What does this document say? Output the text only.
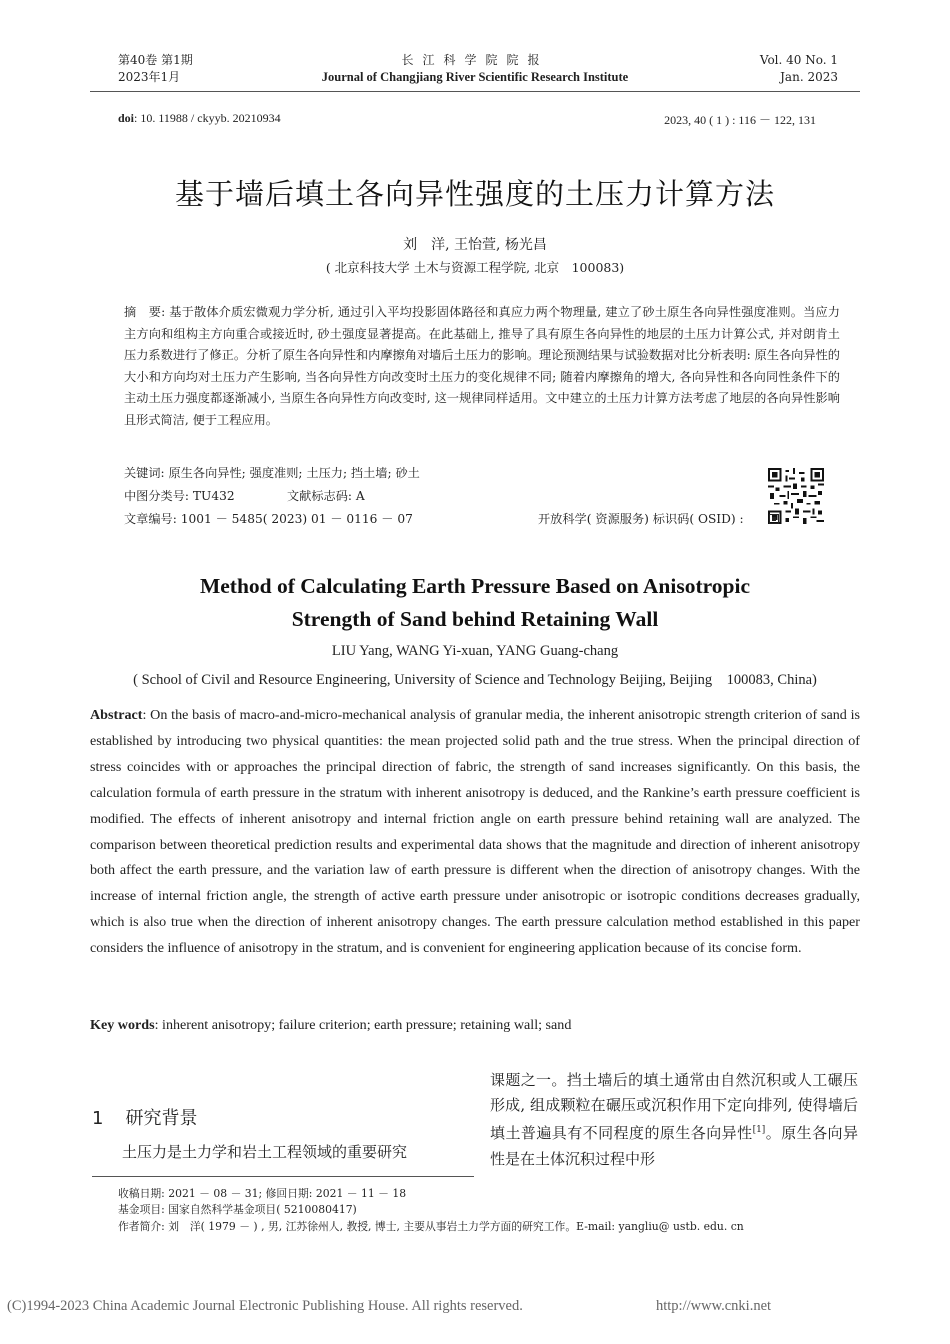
第40卷 第1期
2023年1月
长江科学院院报
Journal of Changjiang River Scientific Research Institute
Vol. 40 No. 1
Jan. 2023
doi: 10. 11988 / ckyyb. 20210934	2023, 40 ( 1 ) : 116 － 122, 131
基于墙后填土各向异性强度的土压力计算方法
刘　洋, 王怡萱, 杨光昌
( 北京科技大学 土木与资源工程学院, 北京　100083)
摘　要: 基于散体介质宏微观力学分析, 通过引入平均投影固体路径和真应力两个物理量, 建立了砂土原生各向异性强度准则。当应力主方向和组构主方向重合或接近时, 砂土强度显著提高。在此基础上, 推导了具有原生各向异性的地层的土压力计算公式, 并对朗肯土压力系数进行了修正。分析了原生各向异性和内摩擦角对墙后土压力的影响。理论预测结果与试验数据对比分析表明: 原生各向异性的大小和方向均对土压力产生影响, 当各向异性方向改变时土压力的变化规律不同; 随着内摩擦角的增大, 各向异性和各向同性条件下的主动土压力强度都逐渐减小, 当原生各向异性方向改变时, 这一规律同样适用。文中建立的土压力计算方法考虑了地层的各向异性影响且形式简洁, 便于工程应用。
关键词: 原生各向异性; 强度准则; 土压力; 挡土墙; 砂土
中图分类号: TU432	文献标志码: A
文章编号: 1001 － 5485( 2023) 01 － 0116 － 07	开放科学( 资源服务) 标识码( OSID) :
Method of Calculating Earth Pressure Based on Anisotropic
Strength of Sand behind Retaining Wall
LIU Yang, WANG Yi-xuan, YANG Guang-chang
( School of Civil and Resource Engineering, University of Science and Technology Beijing, Beijing　100083, China)
Abstract: On the basis of macro-and-micro-mechanical analysis of granular media, the inherent anisotropic strength criterion of sand is established by introducing two physical quantities: the mean projected solid path and the true stress. When the principal direction of stress coincides with or approaches the principal direction of fabric, the strength of sand increases significantly. On this basis, the calculation formula of earth pressure in the stratum with inherent anisotropy is deduced, and the Rankine’s earth pressure coefficient is modified. The effects of inherent anisotropy and internal friction angle on earth pressure behind retaining wall are analyzed. The comparison between theoretical prediction results and experimental data shows that the magnitude and direction of inherent anisotropy both affect the earth pressure, and the variation law of earth pressure is different when the direction of anisotropy changes. With the increase of internal friction angle, the strength of active earth pressure under anisotropic or isotropic conditions decreases gradually, which is also true when the direction of inherent anisotropy changes. The earth pressure calculation method established in this paper considers the influence of anisotropy in the stratum, and is convenient for engineering application because of its concise form.
Key words: inherent anisotropy; failure criterion; earth pressure; retaining wall; sand
1 研究背景
土压力是土力学和岩土工程领域的重要研究
课题之一。挡土墙后的填土通常由自然沉积或人工碾压形成, 组成颗粒在碾压或沉积作用下定向排列, 使得墙后填土普遍具有不同程度的原生各向异性[1]。原生各向异性是在土体沉积过程中形
收稿日期: 2021 － 08 － 31; 修回日期: 2021 － 11 － 18
基金项目: 国家自然科学基金项目( 5210080417)
作者简介: 刘　洋( 1979 － ) , 男, 江苏徐州人, 教授, 博士, 主要从事岩土力学方面的研究工作。E-mail: yangliu@ ustb. edu. cn
(C)1994-2023 China Academic Journal Electronic Publishing House. All rights reserved.	http://www.cnki.net
